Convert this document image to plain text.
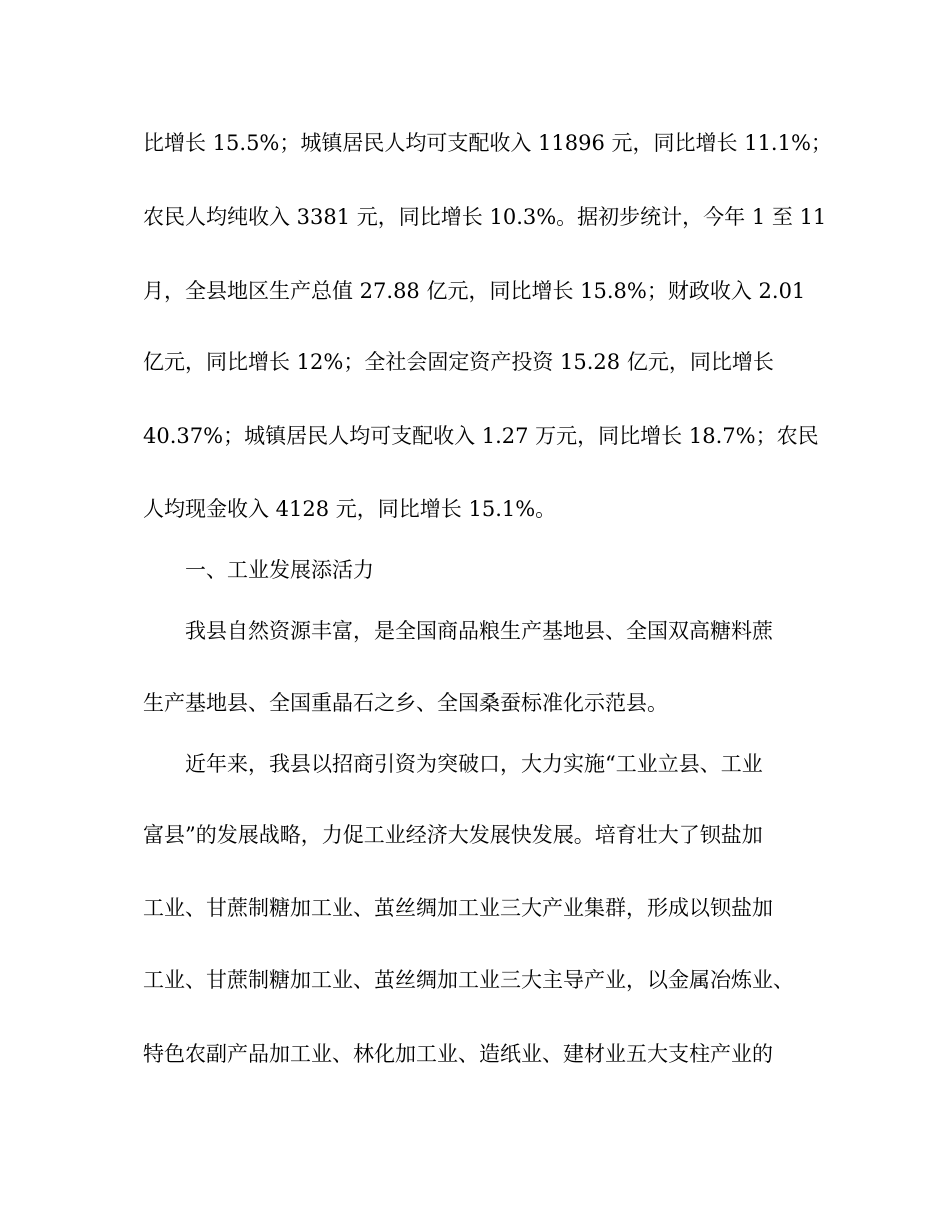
比增长 15.5%；城镇居民人均可支配收入 11896 元，同比增长 11.1%；
农民人均纯收入 3381 元，同比增长 10.3%。据初步统计，今年 1 至 11
月，全县地区生产总值 27.88 亿元，同比增长 15.8%；财政收入 2.01
亿元，同比增长 12%；全社会固定资产投资 15.28 亿元，同比增长
40.37%；城镇居民人均可支配收入 1.27 万元，同比增长 18.7%；农民
人均现金收入 4128 元，同比增长 15.1%。
一、工业发展添活力
我县自然资源丰富，是全国商品粮生产基地县、全国双高糖料蔗
生产基地县、全国重晶石之乡、全国桑蚕标准化示范县。
近年来，我县以招商引资为突破口，大力实施“工业立县、工业
富县”的发展战略，力促工业经济大发展快发展。培育壮大了钡盐加
工业、甘蔗制糖加工业、茧丝绸加工业三大产业集群，形成以钡盐加
工业、甘蔗制糖加工业、茧丝绸加工业三大主导产业，以金属冶炼业、
特色农副产品加工业、林化加工业、造纸业、建材业五大支柱产业的
